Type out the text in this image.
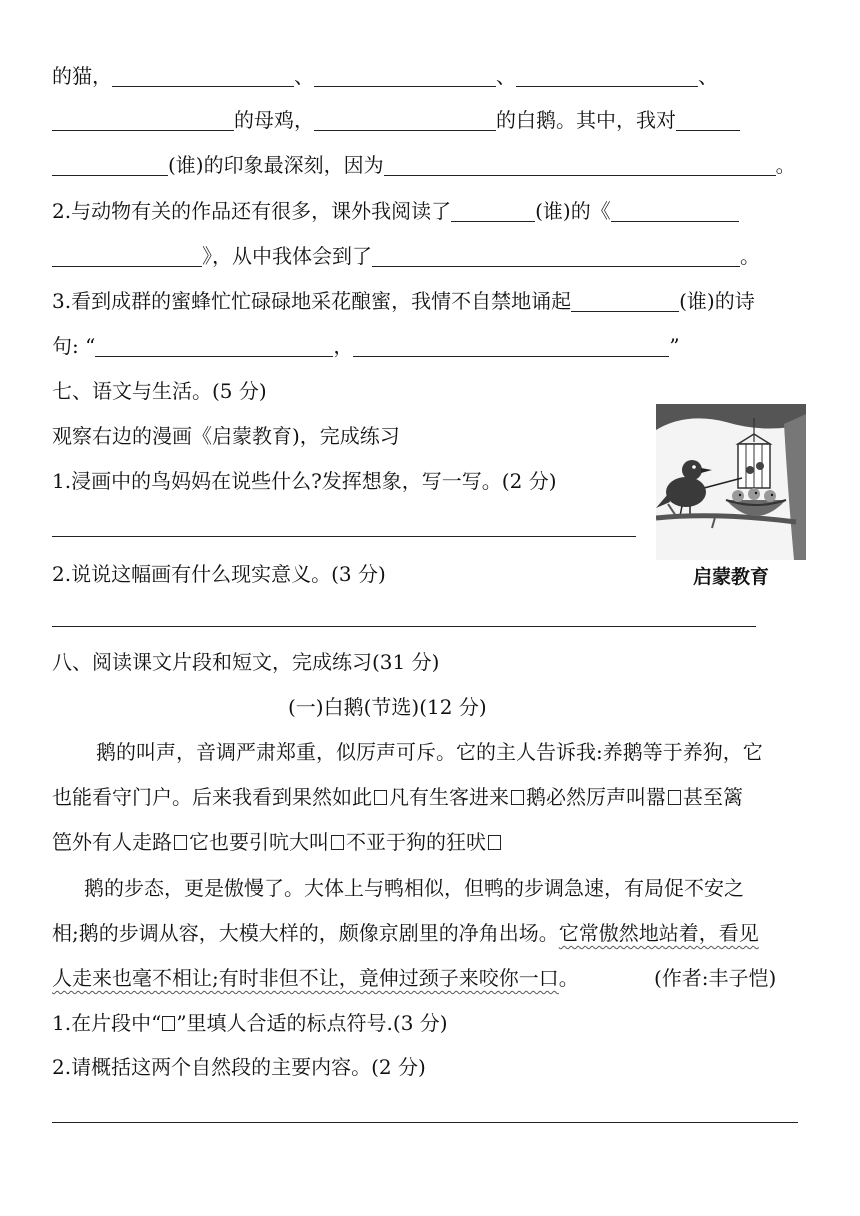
的猫，	、	、	、
的母鸡，	的白鹅。其中，我对
(谁)的印象最深刻，因为	。
2.与动物有关的作品还有很多，课外我阅读了	(谁)的《
》，从中我体会到了	。
3.看到成群的蜜蜂忙忙碌碌地采花酿蜜，我情不自禁地诵起	(谁)的诗
句: “	，	”
七、语文与生活。(5 分)
观察右边的漫画《启蒙教育)，完成练习
1.浸画中的鸟妈妈在说些什么?发挥想象，写一写。(2 分)
2.说说这幅画有什么现实意义。(3 分)	启蒙教育
八、阅读课文片段和短文，完成练习(31 分)
(一)白鹅(节选)(12 分)
鹅的叫声，音调严肃郑重，似厉声可斥。它的主人告诉我:养鹅等于养狗，它
也能看守门户。后来我看到果然如此 凡有生客进来 鹅必然厉声叫嚣 甚至篱
笆外有人走路 它也要引吭大叫 不亚于狗的狂吠
鹅的步态，更是傲慢了。大体上与鸭相似，但鸭的步调急速，有局促不安之
相;鹅的步调从容，大模大样的，颇像京剧里的净角出场。它常傲然地站着，看见
人走来也毫不相让;有时非但不让，竟伸过颈子来咬你一口。	(作者:丰子恺)
1.在片段中“ ”里填人合适的标点符号.(3 分)
2.请概括这两个自然段的主要内容。(2 分)
